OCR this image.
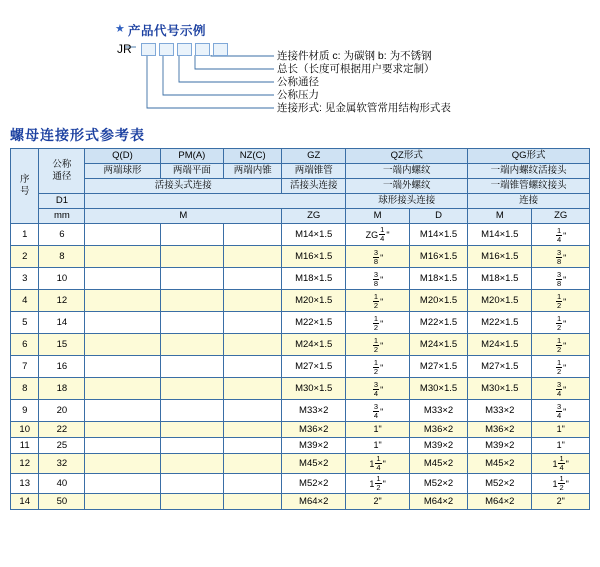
★ 产品代号示例
JR	连接件材质 c: 为碳钢 b: 为不锈钢
总长（长度可根据用户要求定制）
公称通径
公称压力
连接形式: 见金属软管常用结构形式表
螺母连接形式参考表
序
号

公称
通径
	Q(D)	PM(A)	NZ(C)	GZ	QZ形式	QG形式
		两端球形	两端平面	两端内锥	两端锥管	一端内螺纹		一端内螺纹活接头	
		活接头式连接			活接头连接	一端外螺纹		一端锥管螺纹接头	
	D1					球形接头连接		连接	
	mm	M			ZG	M	D	M	ZG
1	6				M14×1.5	ZG $\frac{1}{4}$ "	M14×1.5	M14×1.5	$\frac{1}{4}$ "

2	8				M16×1.5	$\frac{3}{8}$ "	M16×1.5	M16×1.5	$\frac{3}{8}$ "

3	10				M18×1.5	$\frac{3}{8}$ "	M18×1.5	M18×1.5	$\frac{3}{8}$ "

4	12				M20×1.5	$\frac{1}{2}$ "	M20×1.5	M20×1.5	$\frac{1}{2}$ "

5	14				M22×1.5	$\frac{1}{2}$ "	M22×1.5	M22×1.5	$\frac{1}{2}$ "

6	15				M24×1.5	$\frac{1}{2}$ "	M24×1.5	M24×1.5	$\frac{1}{2}$ "

7	16				M27×1.5	$\frac{1}{2}$ "	M27×1.5	M27×1.5	$\frac{1}{2}$ "

8	18				M30×1.5	$\frac{3}{4}$ "	M30×1.5	M30×1.5	$\frac{3}{4}$ "

9	20				M33×2	$\frac{3}{4}$ "	M33×2	M33×2	$\frac{3}{4}$ "

10	22				M36×2	1"	M36×2	M36×2	1"

11	25				M39×2	1"	M39×2	M39×2	1"

12	32				M45×2	$1 \frac{1}{4}$ "	M45×2	M45×2	$1 \frac{1}{4}$ "

13	40				M52×2	$1 \frac{1}{2}$ "	M52×2	M52×2	$1 \frac{1}{2}$ "

14	50				M64×2	2"	M64×2	M64×2	2"
